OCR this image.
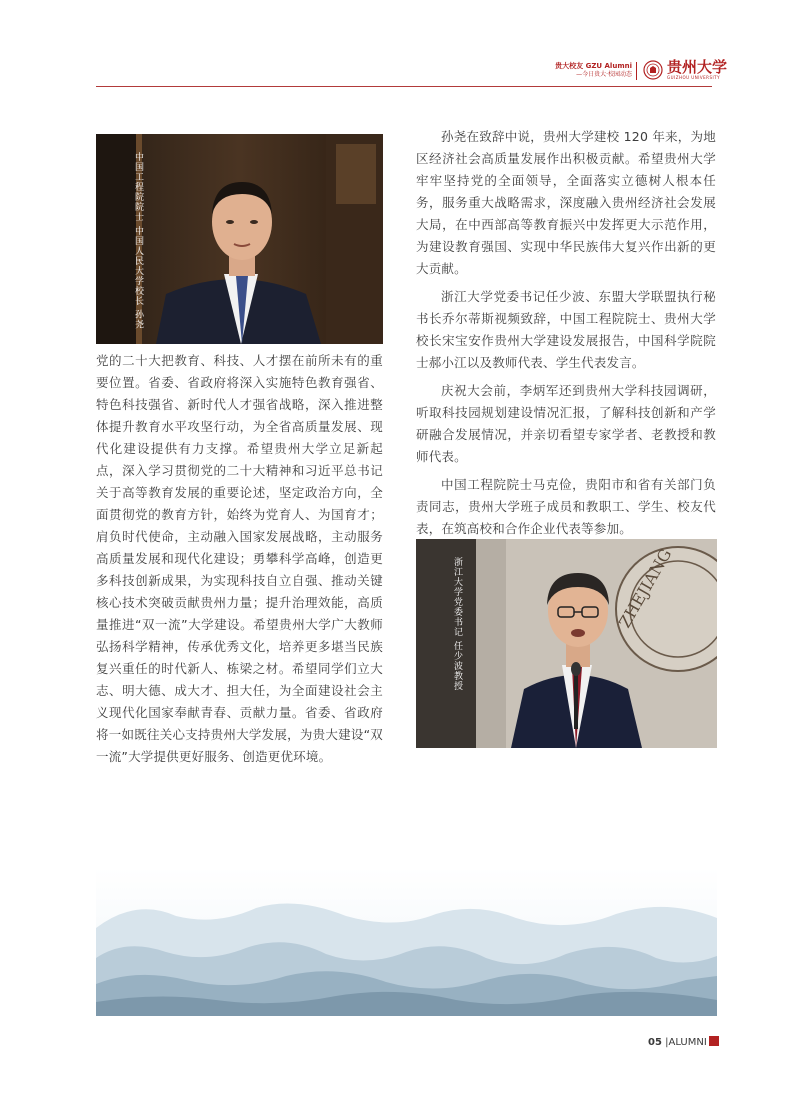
贵大校友 GZU Alumni
—今日贵大·校园动态 贵州大学
GUIZHOU UNIVERSITY
中国工程院院士 中国人民大学校长 孙尧

党的二十大把教育、科技、人才摆在前所未有的重要位置。省委、省政府将深入实施特色教育强省、特色科技强省、新时代人才强省战略，深入推进整体提升教育水平攻坚行动，为全省高质量发展、现代化建设提供有力支撑。希望贵州大学立足新起点，深入学习贯彻党的二十大精神和习近平总书记关于高等教育发展的重要论述，坚定政治方向，全面贯彻党的教育方针，始终为党育人、为国育才；肩负时代使命，主动融入国家发展战略，主动服务高质量发展和现代化建设；勇攀科学高峰，创造更多科技创新成果，为实现科技自立自强、推动关键核心技术突破贡献贵州力量；提升治理效能，高质量推进“双一流”大学建设。希望贵州大学广大教师弘扬科学精神，传承优秀文化，培养更多堪当民族复兴重任的时代新人、栋梁之材。希望同学们立大志、明大德、成大才、担大任，为全面建设社会主义现代化国家奉献青春、贡献力量。省委、省政府将一如既往关心支持贵州大学发展，为贵大建设“双一流”大学提供更好服务、创造更优环境。

孙尧在致辞中说，贵州大学建校 120 年来，为地区经济社会高质量发展作出积极贡献。希望贵州大学牢牢坚持党的全面领导，全面落实立德树人根本任务，服务重大战略需求，深度融入贵州经济社会发展大局，在中西部高等教育振兴中发挥更大示范作用，为建设教育强国、实现中华民族伟大复兴作出新的更大贡献。

浙江大学党委书记任少波、东盟大学联盟执行秘书长乔尔蒂斯视频致辞，中国工程院院士、贵州大学校长宋宝安作贵州大学建设发展报告，中国科学院院士郝小江以及教师代表、学生代表发言。

庆祝大会前，李炳军还到贵州大学科技园调研，听取科技园规划建设情况汇报，了解科技创新和产学研融合发展情况，并亲切看望专家学者、老教授和教师代表。

中国工程院院士马克俭，贵阳市和省有关部门负责同志，贵州大学班子成员和教职工、学生、校友代表，在筑高校和合作企业代表等参加。

ZHEJIANG
浙江大学党委书记 任少波教授
05 |ALUMNI
